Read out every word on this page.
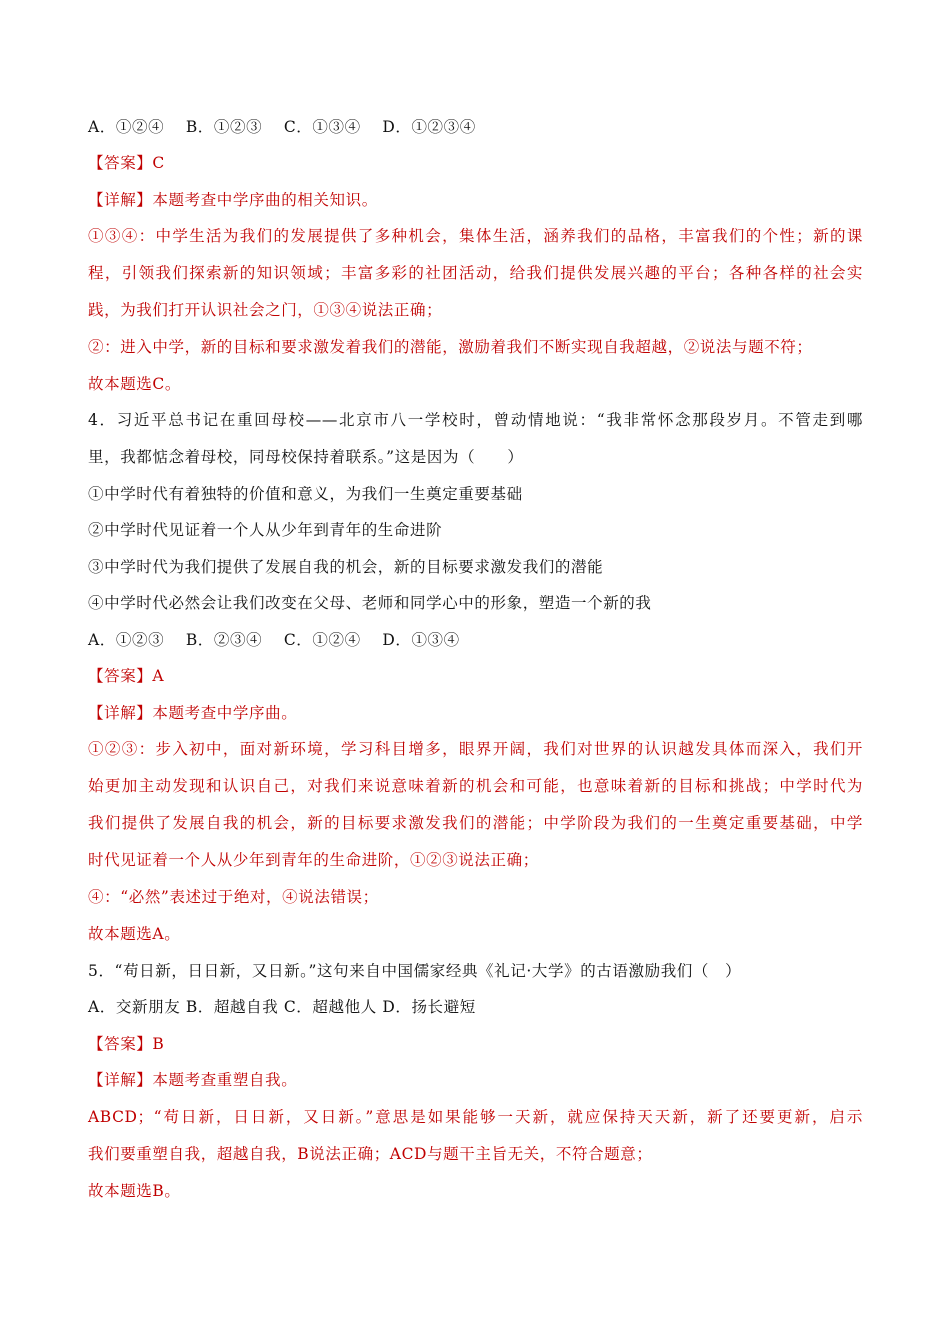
A．①②④　 B．①②③　 C．①③④　 D．①②③④
【答案】C
【详解】本题考查中学序曲的相关知识。
①③④：中学生活为我们的发展提供了多种机会，集体生活，涵养我们的品格，丰富我们的个性；新的课
程，引领我们探索新的知识领域；丰富多彩的社团活动，给我们提供发展兴趣的平台；各种各样的社会实
践，为我们打开认识社会之门，①③④说法正确；
②：进入中学，新的目标和要求激发着我们的潜能，激励着我们不断实现自我超越，②说法与题不符；
故本题选C。
4．习近平总书记在重回母校——北京市八一学校时，曾动情地说：“我非常怀念那段岁月。不管走到哪
里，我都惦念着母校，同母校保持着联系。”这是因为（　　）
①中学时代有着独特的价值和意义，为我们一生奠定重要基础
②中学时代见证着一个人从少年到青年的生命进阶
③中学时代为我们提供了发展自我的机会，新的目标要求激发我们的潜能
④中学时代必然会让我们改变在父母、老师和同学心中的形象，塑造一个新的我
A．①②③　 B．②③④　 C．①②④　 D．①③④
【答案】A
【详解】本题考查中学序曲。
①②③：步入初中，面对新环境，学习科目增多，眼界开阔，我们对世界的认识越发具体而深入，我们开
始更加主动发现和认识自己，对我们来说意味着新的机会和可能，也意味着新的目标和挑战；中学时代为
我们提供了发展自我的机会，新的目标要求激发我们的潜能；中学阶段为我们的一生奠定重要基础，中学
时代见证着一个人从少年到青年的生命进阶，①②③说法正确；
④：“必然”表述过于绝对，④说法错误；
故本题选A。
5．“苟日新，日日新，又日新。”这句来自中国儒家经典《礼记·大学》的古语激励我们（　）
A．交新朋友 B．超越自我 C．超越他人 D．扬长避短
【答案】B
【详解】本题考查重塑自我。
ABCD；“苟日新，日日新，又日新。”意思是如果能够一天新，就应保持天天新，新了还要更新，启示
我们要重塑自我，超越自我，B说法正确；ACD与题干主旨无关，不符合题意；
故本题选B。
